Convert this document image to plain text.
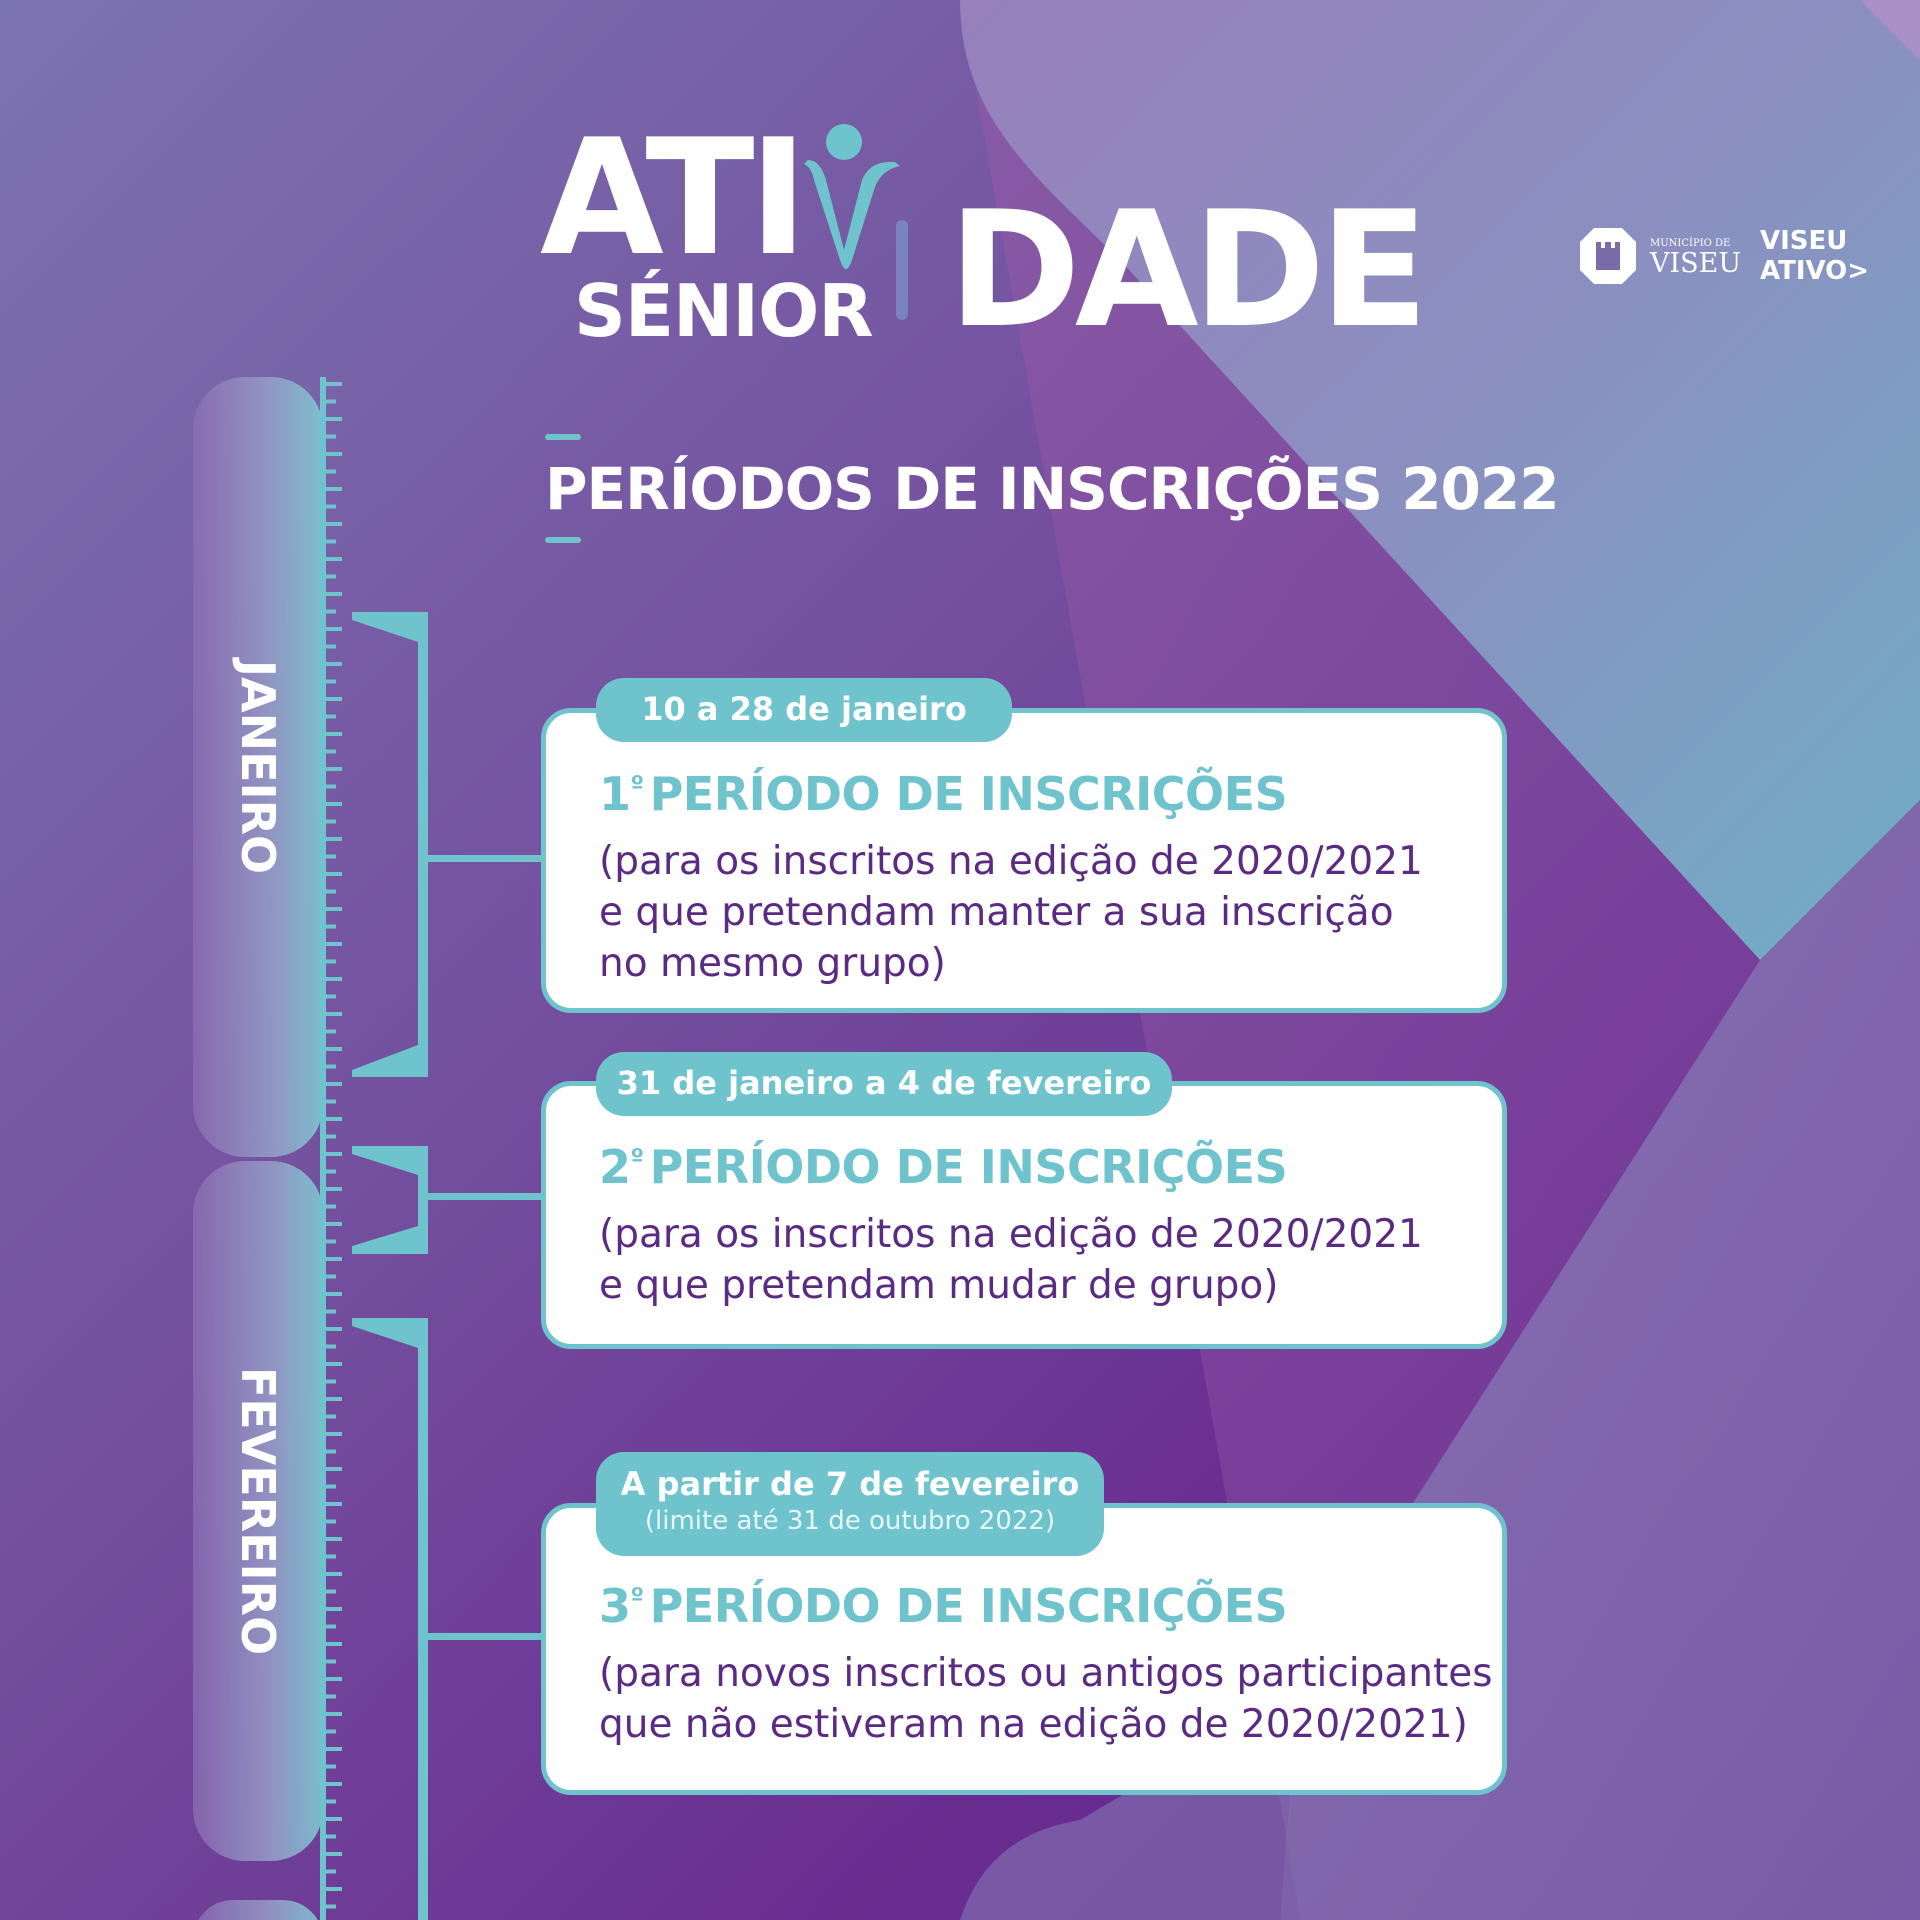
ATI DADE
SÉNIOR
MUNICÍPIO DE
VISEU
VISEU
ATIVO>
PERÍODOS DE INSCRIÇÕES 2022
JANEIRO
FEVEREIRO
$1^º$ PERÍODO DE INSCRIÇÕES
(para os inscritos na edição de 2020/2021
e que pretendam manter a sua inscrição
no mesmo grupo)
10 a 28 de janeiro
$2^º$ PERÍODO DE INSCRIÇÕES
(para os inscritos na edição de 2020/2021
e que pretendam mudar de grupo)
31 de janeiro a 4 de fevereiro
$3^º$ PERÍODO DE INSCRIÇÕES
(para novos inscritos ou antigos participantes
que não estiveram na edição de 2020/2021)
A partir de 7 de fevereiro
(limite até 31 de outubro 2022)
